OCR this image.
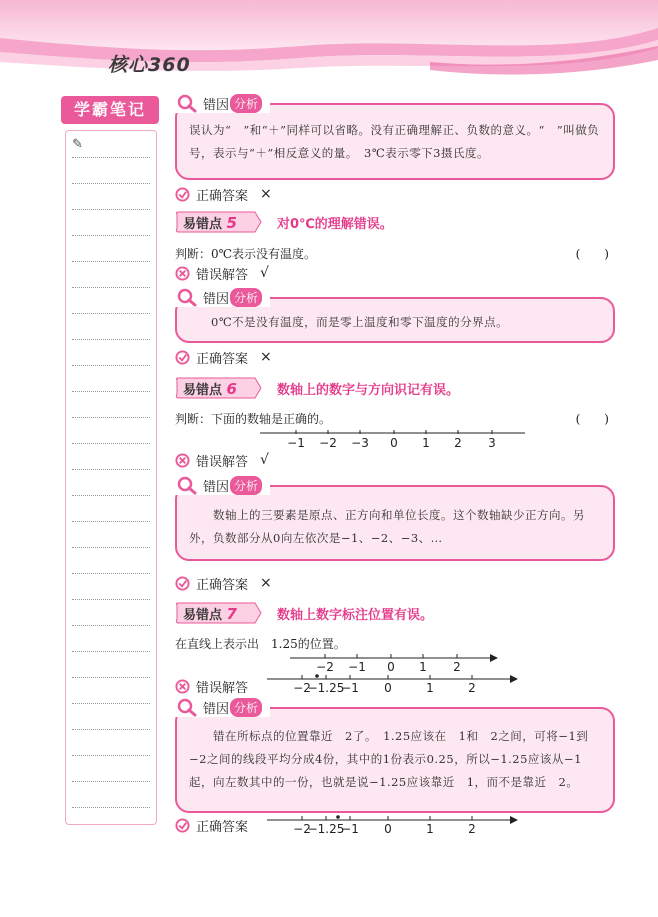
核心360
学霸笔记
✎
误认为“　”和“＋”同样可以省略。没有正确理解正、负数的意义。“　”叫做负号，表示与“＋”相反意义的量。　3℃表示零下3摄氏度。
错因 分析
正确答案 ×
易错点 5	对0℃的理解错误。
判断：0℃表示没有温度。	(　　)
错误解答 √
0℃不是没有温度，而是零上温度和零下温度的分界点。
错因 分析
正确答案 ×
易错点 6	数轴上的数字与方向识记有误。
判断：下面的数轴是正确的。	(　　)
−1 −2 −3 0 1 2 3
错误解答 √
数轴上的三要素是原点、正方向和单位长度。这个数轴缺少正方向。另外，负数部分从0向左依次是−1、−2、−3、…
错因 分析
正确答案 ×
易错点 7	数轴上数字标注位置有误。
在直线上表示出　1.25的位置。
−2 −1 0 1 2
错误解答	−2
−1.25
−1 0	1	2
错在所标点的位置靠近　2了。　1.25应该在　1和　2之间，可将−1到−2之间的线段平均分成4份，其中的1份表示0.25，所以−1.25应该从−1起，向左数其中的一份，也就是说−1.25应该靠近　1，而不是靠近　2。
错因 分析
正确答案	−2
−1.25
−1 0	1	2
